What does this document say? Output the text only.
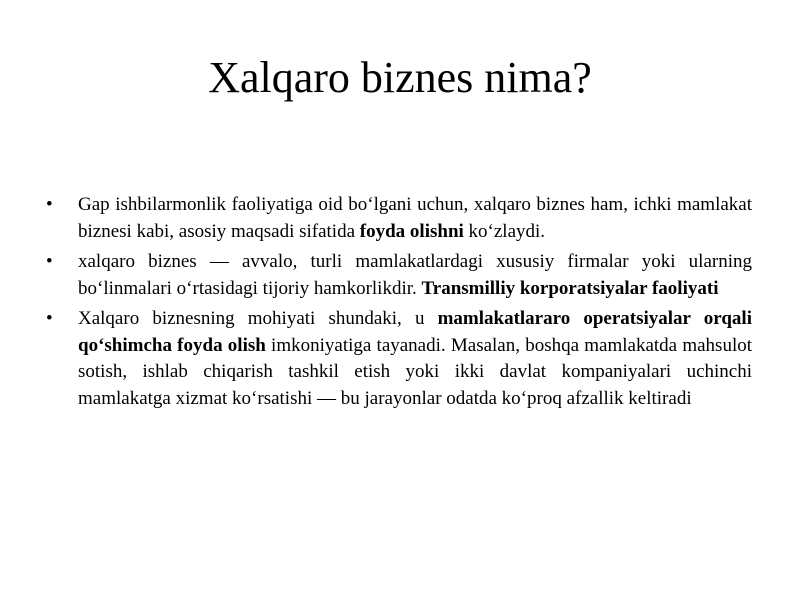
Xalqaro biznes nima?
•	Gap ishbilarmonlik faoliyatiga oid bo‘lgani uchun, xalqaro biznes ham, ichki mamlakat biznesi kabi, asosiy maqsadi sifatida foyda olishni ko‘zlaydi.
•	xalqaro biznes — avvalo, turli mamlakatlardagi xususiy firmalar yoki ularning bo‘linmalari o‘rtasidagi tijoriy hamkorlikdir. Transmilliy korporatsiyalar faoliyati
•	Xalqaro biznesning mohiyati shundaki, u mamlakatlararo operatsiyalar orqali qo‘shimcha foyda olish imkoniyatiga tayanadi. Masalan, boshqa mamlakatda mahsulot sotish, ishlab chiqarish tashkil etish yoki ikki davlat kompaniyalari uchinchi mamlakatga xizmat ko‘rsatishi — bu jarayonlar odatda ko‘proq afzallik keltiradi
